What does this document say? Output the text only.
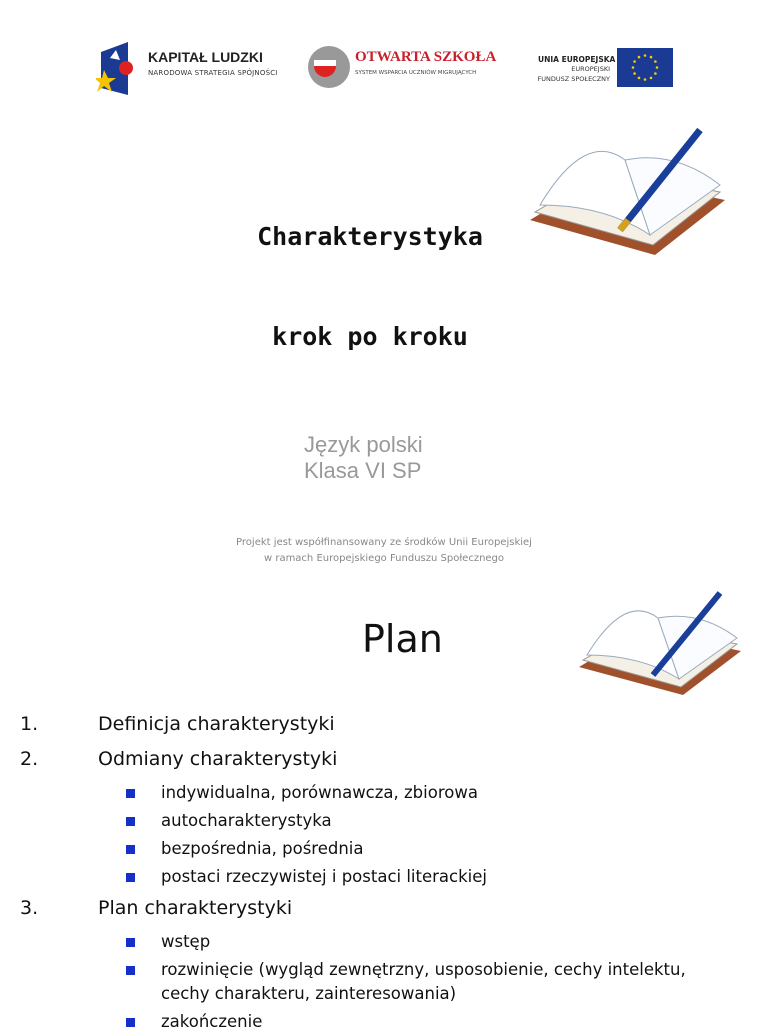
KAPITAŁ LUDZKI
NARODOWA STRATEGIA SPÓJNOŚCI
OTWARTA SZKOŁA
SYSTEM WSPARCIA UCZNIÓW MIGRUJĄCYCH
UNIA EUROPEJSKA
EUROPEJSKI
FUNDUSZ SPOŁECZNY
Charakterystyka
krok po kroku
Język polski
Klasa VI SP
Projekt jest współfinansowany ze środków Unii Europejskiej
w ramach Europejskiego Funduszu Społecznego
Plan
1.	Definicja charakterystyki
2.	Odmiany charakterystyki
indywidualna, porównawcza, zbiorowa
autocharakterystyka
bezpośrednia, pośrednia
postaci rzeczywistej i postaci literackiej
3.	Plan charakterystyki
wstęp
rozwinięcie (wygląd zewnętrzny, usposobienie, cechy intelektu,
cechy charakteru, zainteresowania)
zakończenie
